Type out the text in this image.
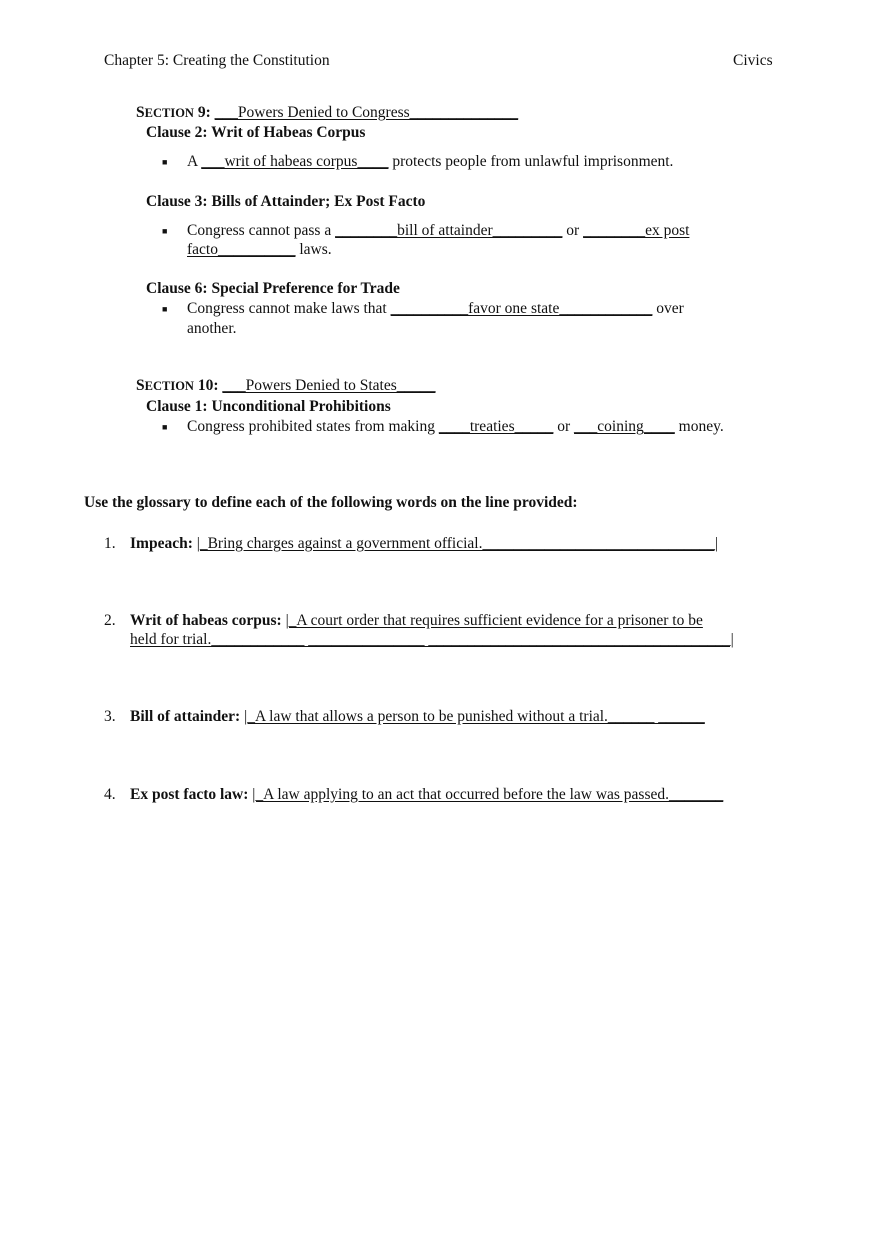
Chapter 5: Creating the Constitution	Civics
SECTION 9: ___Powers Denied to Congress______________
Clause 2: Writ of Habeas Corpus
■ A ___writ of habeas corpus____ protects people from unlawful imprisonment.
Clause 3: Bills of Attainder; Ex Post Facto
■ Congress cannot pass a ________bill of attainder_________ or ________ex post
facto__________ laws.
Clause 6: Special Preference for Trade
■ Congress cannot make laws that __________favor one state____________ over
another.
SECTION 10: ___Powers Denied to States_____
Clause 1: Unconditional Prohibitions
■ Congress prohibited states from making ____treaties_____ or ___coining____ money.
Use the glossary to define each of the following words on the line provided:
1. Impeach: |_Bring charges against a government official.______________________________|
2. Writ of habeas corpus: |_A court order that requires sufficient evidence for a prisoner to be
held for trial.____________ _______________ _______________________________________|
3. Bill of attainder: |_A law that allows a person to be punished without a trial.______ ______
4. Ex post facto law: |_A law applying to an act that occurred before the law was passed._______
